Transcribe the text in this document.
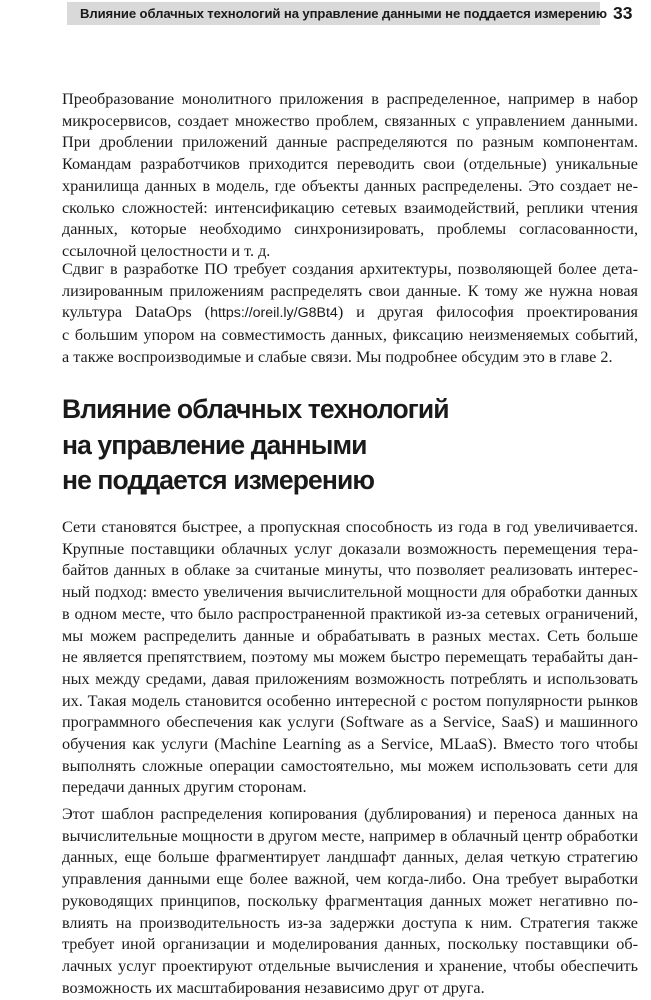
Влияние облачных технологий на управление данными не поддается измерению 33

Преобразование монолитного приложения в распределенное, например в набор
микросервисов, создает множество проблем, связанных с управлением данными.
При дроблении приложений данные распределяются по разным компонентам.
Командам разработчиков приходится переводить свои (отдельные) уникальные
хранилища данных в модель, где объекты данных распределены. Это создает не-
сколько сложностей: интенсификацию сетевых взаимодействий, реплики чтения
данных, которые необходимо синхронизировать, проблемы согласованности,
ссылочной целостности и т. д.

Сдвиг в разработке ПО требует создания архитектуры, позволяющей более дета-
лизированным приложениям распределять свои данные. К тому же нужна новая
культура DataOps (https://oreil.ly/G8Bt4) и другая философия проектирования
с большим упором на совместимость данных, фиксацию неизменяемых событий,
а также воспроизводимые и слабые связи. Мы подробнее обсудим это в главе 2.

Влияние облачных технологий
на управление данными
не поддается измерению

Сети становятся быстрее, а пропускная способность из года в год увеличивается.
Крупные поставщики облачных услуг доказали возможность перемещения тера-
байтов данных в облаке за считаные минуты, что позволяет реализовать интерес-
ный подход: вместо увеличения вычислительной мощности для обработки данных
в одном месте, что было распространенной практикой из-за сетевых ограничений,
мы можем распределить данные и обрабатывать в разных местах. Сеть больше
не является препятствием, поэтому мы можем быстро перемещать терабайты дан-
ных между средами, давая приложениям возможность потреблять и использовать
их. Такая модель становится особенно интересной с ростом популярности рынков
программного обеспечения как услуги (Software as a Service, SaaS) и машинного
обучения как услуги (Machine Learning as a Service, MLaaS). Вместо того чтобы
выполнять сложные операции самостоятельно, мы можем использовать сети для
передачи данных другим сторонам.

Этот шаблон распределения копирования (дублирования) и переноса данных на
вычислительные мощности в другом месте, например в облачный центр обработки
данных, еще больше фрагментирует ландшафт данных, делая четкую стратегию
управления данными еще более важной, чем когда-либо. Она требует выработки
руководящих принципов, поскольку фрагментация данных может негативно по-
влиять на производительность из-за задержки доступа к ним. Стратегия также
требует иной организации и моделирования данных, поскольку поставщики об-
лачных услуг проектируют отдельные вычисления и хранение, чтобы обеспечить
возможность их масштабирования независимо друг от друга.
